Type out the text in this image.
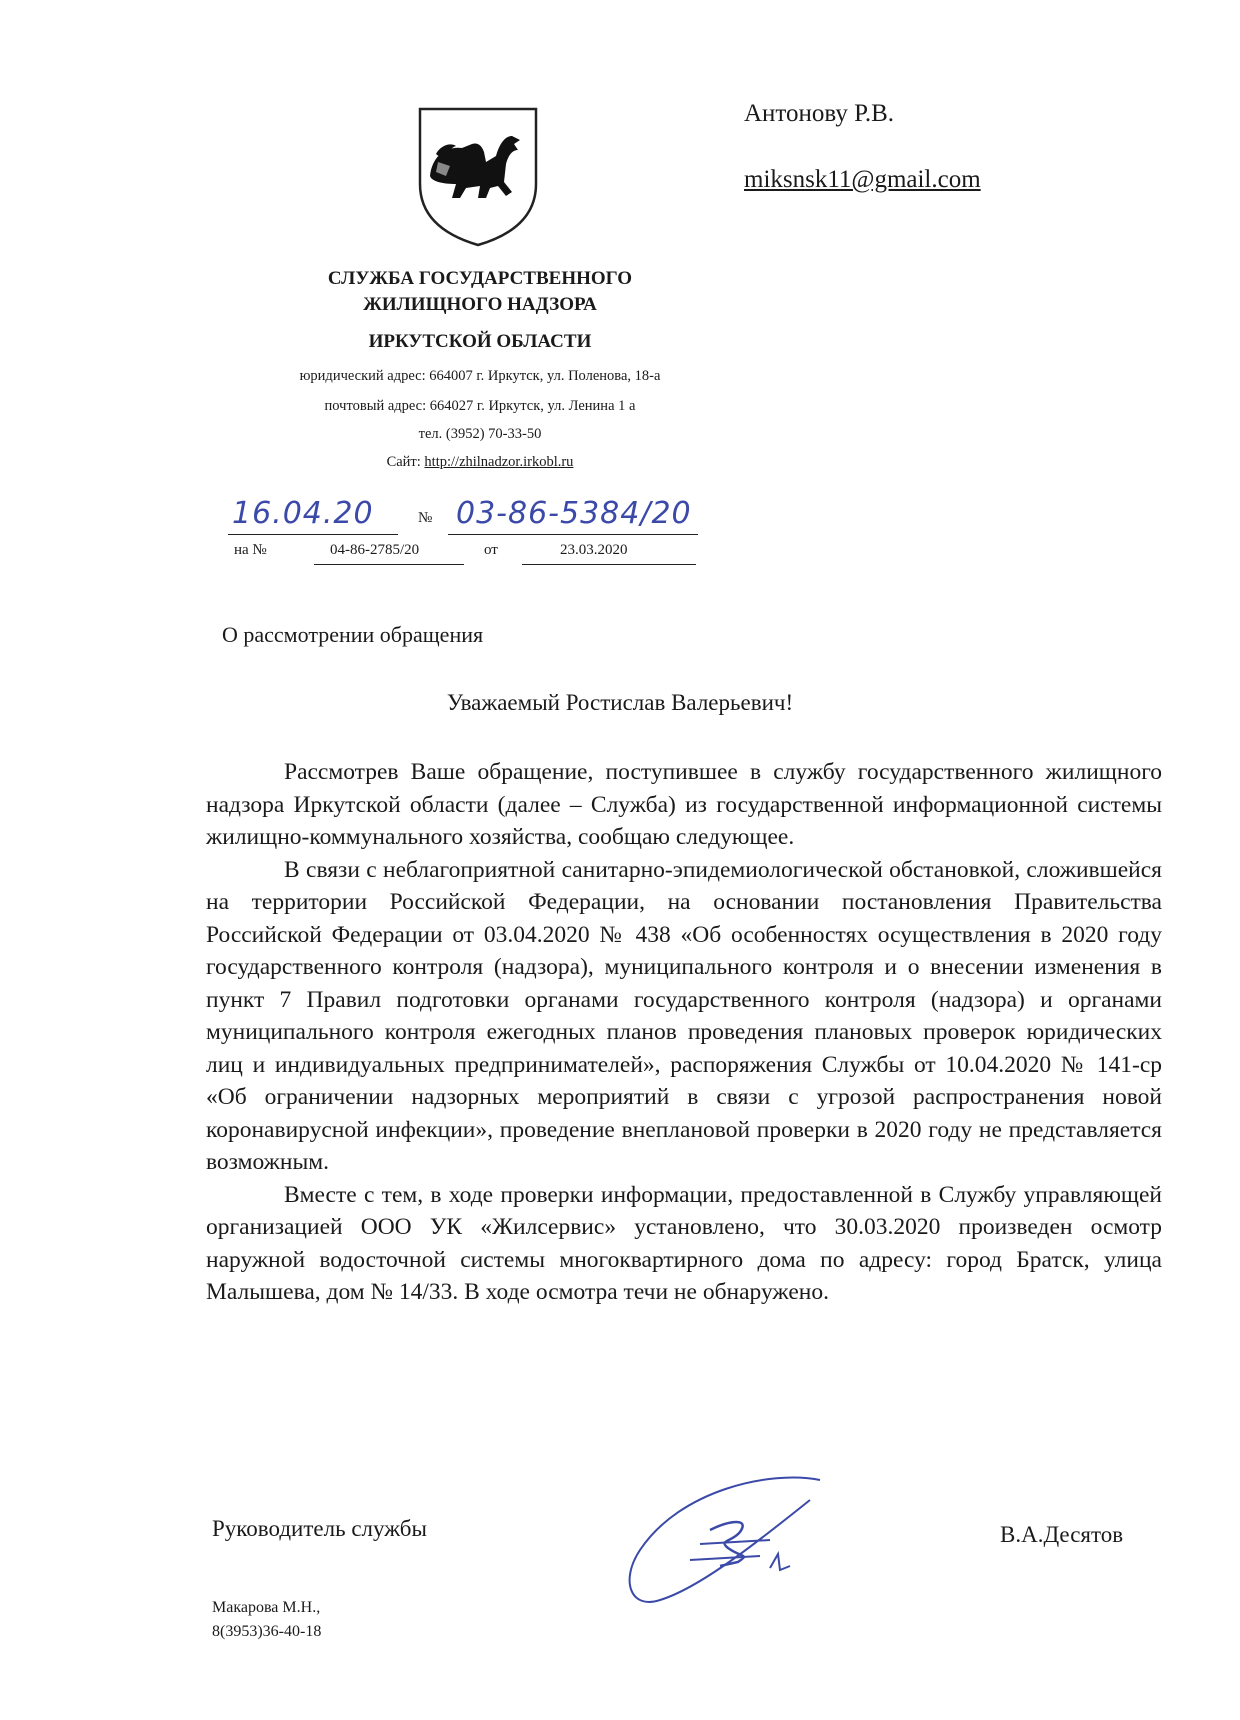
СЛУЖБА ГОСУДАРСТВЕННОГО
ЖИЛИЩНОГО НАДЗОРА
ИРКУТСКОЙ ОБЛАСТИ
юридический адрес: 664007 г. Иркутск, ул. Поленова, 18-а
почтовый адрес: 664027 г. Иркутск, ул. Ленина 1 а
тел. (3952) 70-33-50
Сайт: http://zhilnadzor.irkobl.ru
Антонову Р.В.
miksnsk11@gmail.com
16.04.20	№ 03-86-5384/20
на №	04-86-2785/20	от	23.03.2020
О рассмотрении обращения
Уважаемый Ростислав Валерьевич!

Рассмотрев Ваше обращение, поступившее в службу государственного жилищного надзора Иркутской области (далее – Служба) из государственной информационной системы жилищно-коммунального хозяйства, сообщаю следующее.

В связи с неблагоприятной санитарно-эпидемиологической обстановкой, сложившейся на территории Российской Федерации, на основании постановления Правительства Российской Федерации от 03.04.2020 № 438 «Об особенностях осуществления в 2020 году государственного контроля (надзора), муниципального контроля и о внесении изменения в пункт 7 Правил подготовки органами государственного контроля (надзора) и органами муниципального контроля ежегодных планов проведения плановых проверок юридических лиц и индивидуальных предпринимателей», распоряжения Службы от 10.04.2020 № 141-ср «Об ограничении надзорных мероприятий в связи с угрозой распространения новой коронавирусной инфекции», проведение внеплановой проверки в 2020 году не представляется возможным.

Вместе с тем, в ходе проверки информации, предоставленной в Службу управляющей организацией ООО УК «Жилсервис» установлено, что 30.03.2020 произведен осмотр наружной водосточной системы многоквартирного дома по адресу: город Братск, улица Малышева, дом № 14/33. В ходе осмотра течи не обнаружено.

Руководитель службы	В.А.Десятов
Макарова М.Н.,
8(3953)36-40-18
